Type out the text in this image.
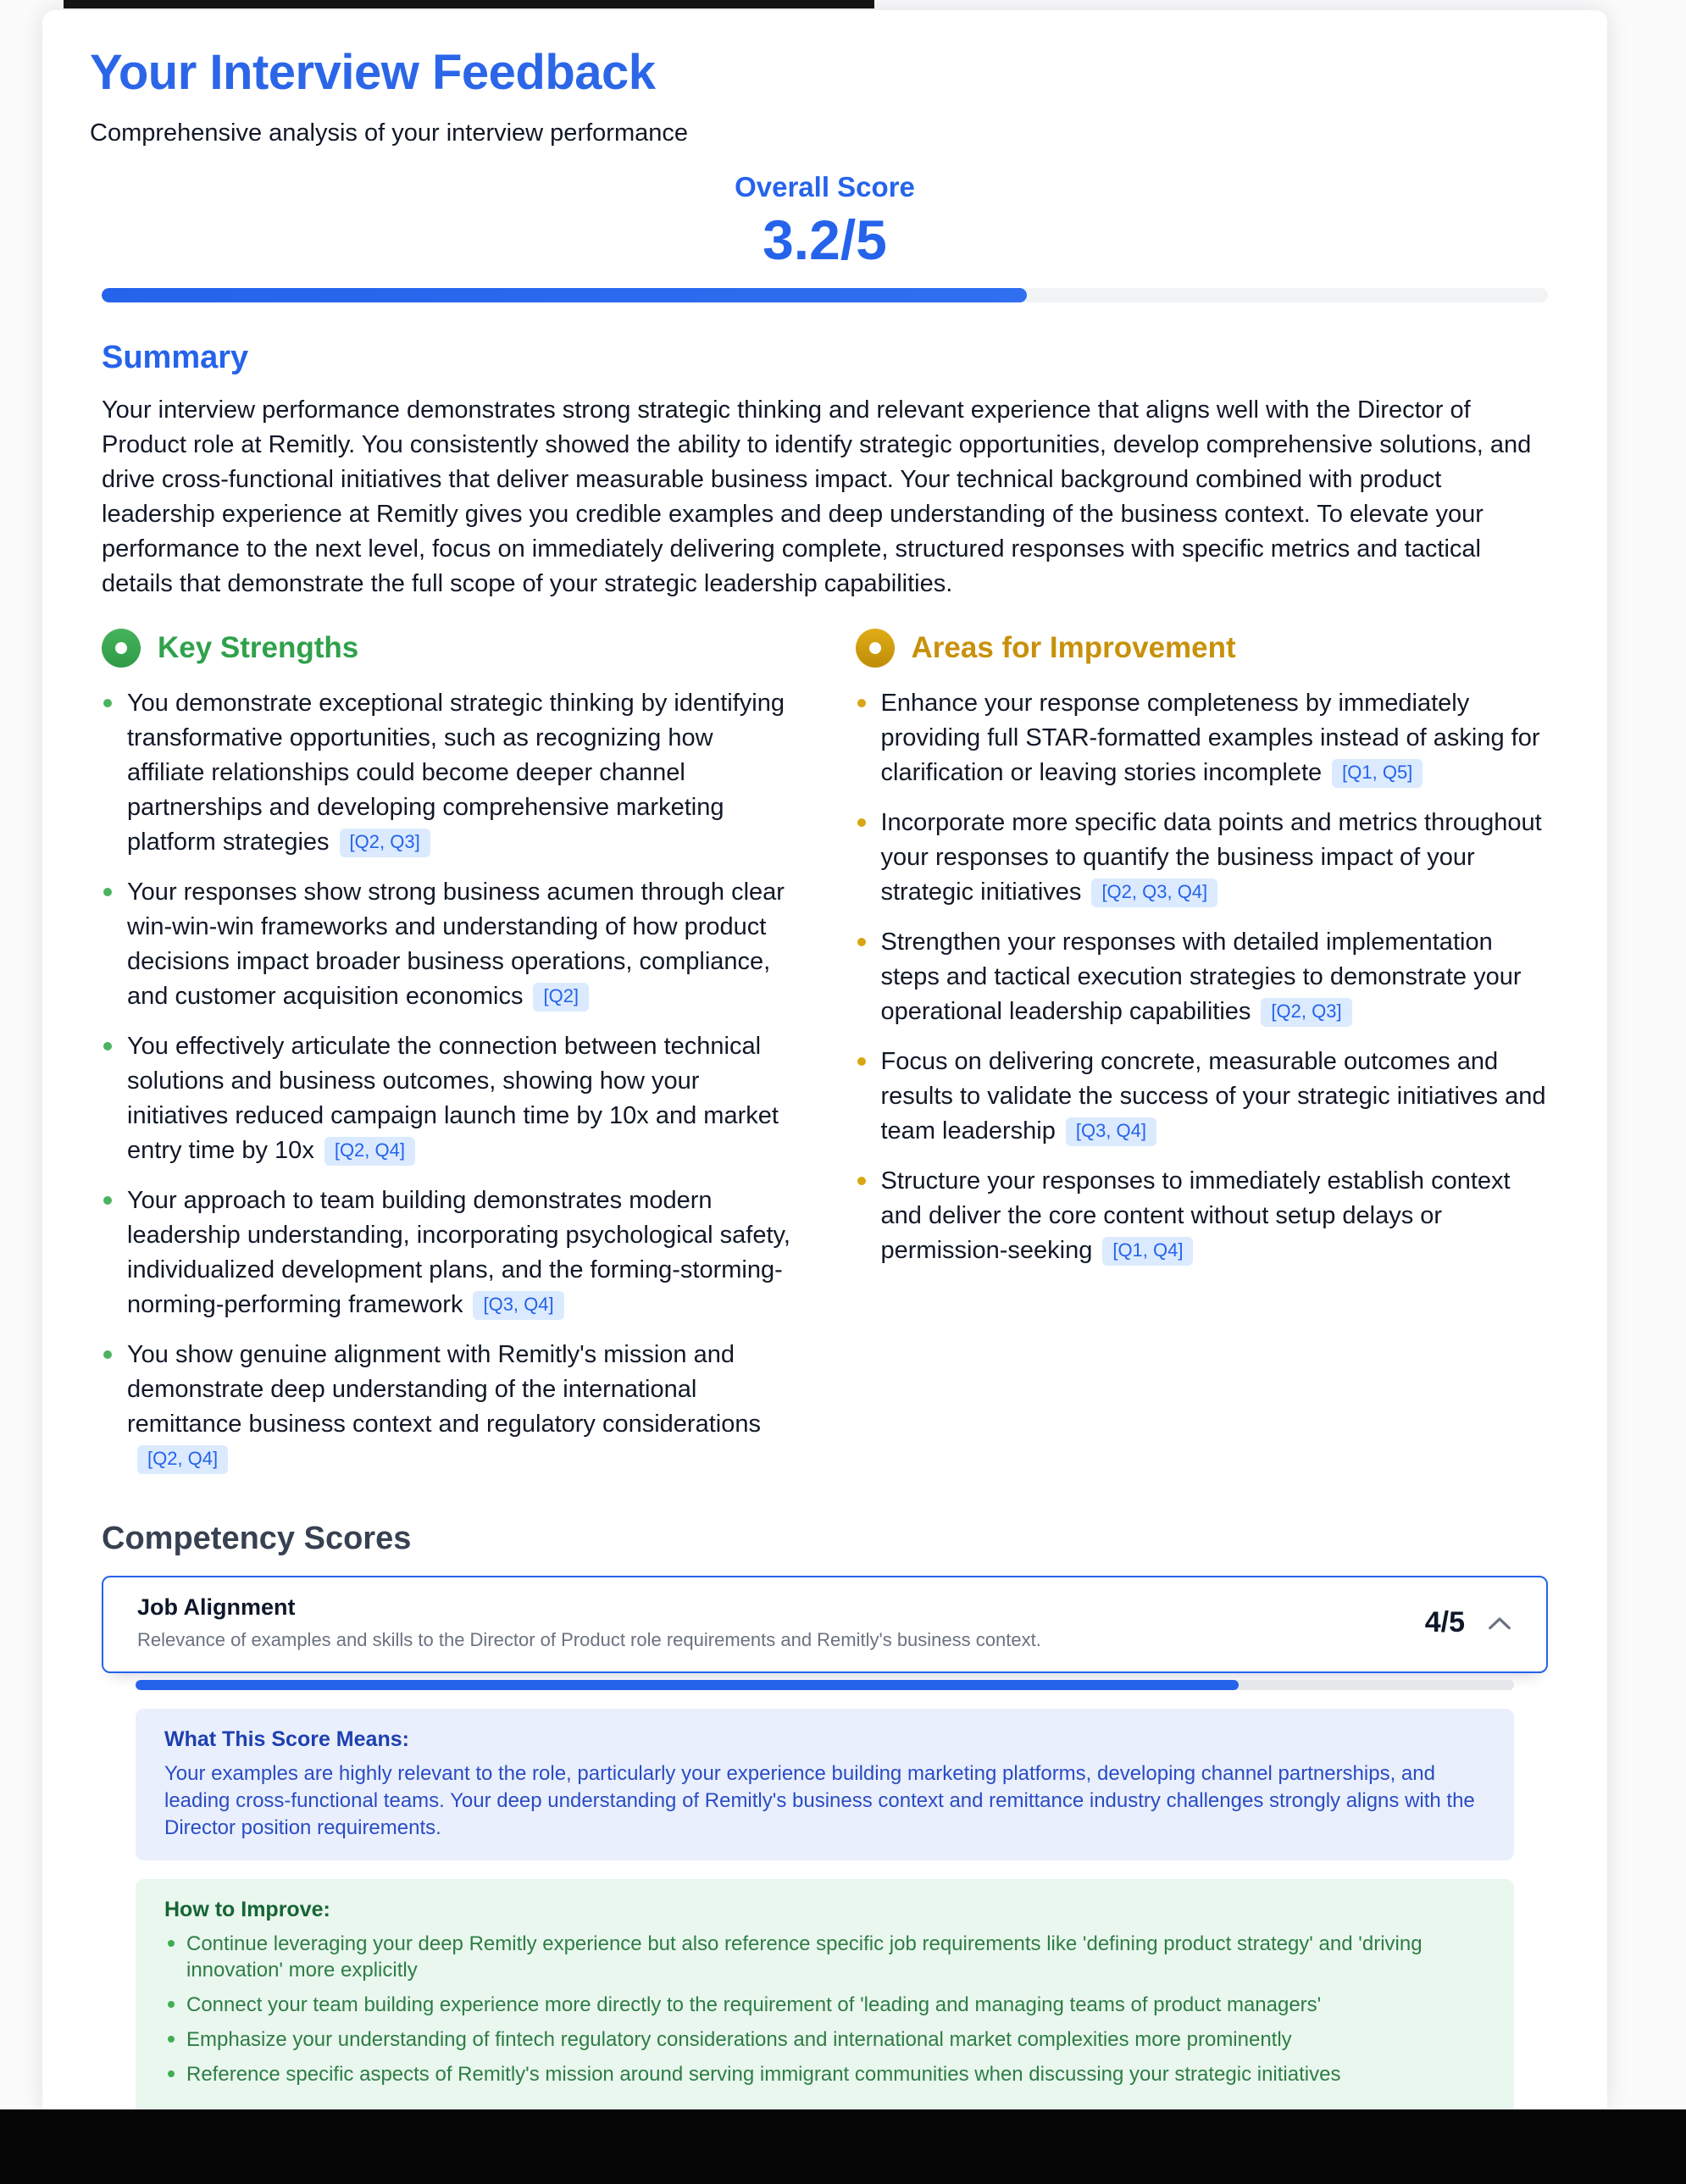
Your Interview Feedback

Comprehensive analysis of your interview performance

Overall Score
3.2/5
Summary

Your interview performance demonstrates strong strategic thinking and relevant experience that aligns well with the Director of Product role at Remitly. You consistently showed the ability to identify strategic opportunities, develop comprehensive solutions, and drive cross-functional initiatives that deliver measurable business impact. Your technical background combined with product leadership experience at Remitly gives you credible examples and deep understanding of the business context. To elevate your performance to the next level, focus on immediately delivering complete, structured responses with specific metrics and tactical details that demonstrate the full scope of your strategic leadership capabilities.

Key Strengths
You demonstrate exceptional strategic thinking by identifying transformative opportunities, such as recognizing how affiliate relationships could become deeper channel partnerships and developing comprehensive marketing platform strategies [Q2, Q3]
Your responses show strong business acumen through clear win-win-win frameworks and understanding of how product decisions impact broader business operations, compliance, and customer acquisition economics [Q2]
You effectively articulate the connection between technical solutions and business outcomes, showing how your initiatives reduced campaign launch time by 10x and market entry time by 10x [Q2, Q4]
Your approach to team building demonstrates modern leadership understanding, incorporating psychological safety, individualized development plans, and the forming-storming-norming-performing framework [Q3, Q4]
You show genuine alignment with Remitly's mission and demonstrate deep understanding of the international remittance business context and regulatory considerations[Q2, Q4]
Areas for Improvement
Enhance your response completeness by immediately providing full STAR-formatted examples instead of asking for clarification or leaving stories incomplete [Q1, Q5]
Incorporate more specific data points and metrics throughout your responses to quantify the business impact of your strategic initiatives [Q2, Q3, Q4]
Strengthen your responses with detailed implementation steps and tactical execution strategies to demonstrate your operational leadership capabilities [Q2, Q3]
Focus on delivering concrete, measurable outcomes and results to validate the success of your strategic initiatives and team leadership [Q3, Q4]
Structure your responses to immediately establish context and deliver the core content without setup delays or permission-seeking [Q1, Q4]
Competency Scores
Job Alignment
Relevance of examples and skills to the Director of Product role requirements and Remitly's business context.
4/5
What This Score Means:

Your examples are highly relevant to the role, particularly your experience building marketing platforms, developing channel partnerships, and leading cross-functional teams. Your deep understanding of Remitly's business context and remittance industry challenges strongly aligns with the Director position requirements.

How to Improve:
Continue leveraging your deep Remitly experience but also reference specific job requirements like 'defining product strategy' and 'driving innovation' more explicitly
Connect your team building experience more directly to the requirement of 'leading and managing teams of product managers'
Emphasize your understanding of fintech regulatory considerations and international market complexities more prominently
Reference specific aspects of Remitly's mission around serving immigrant communities when discussing your strategic initiatives
